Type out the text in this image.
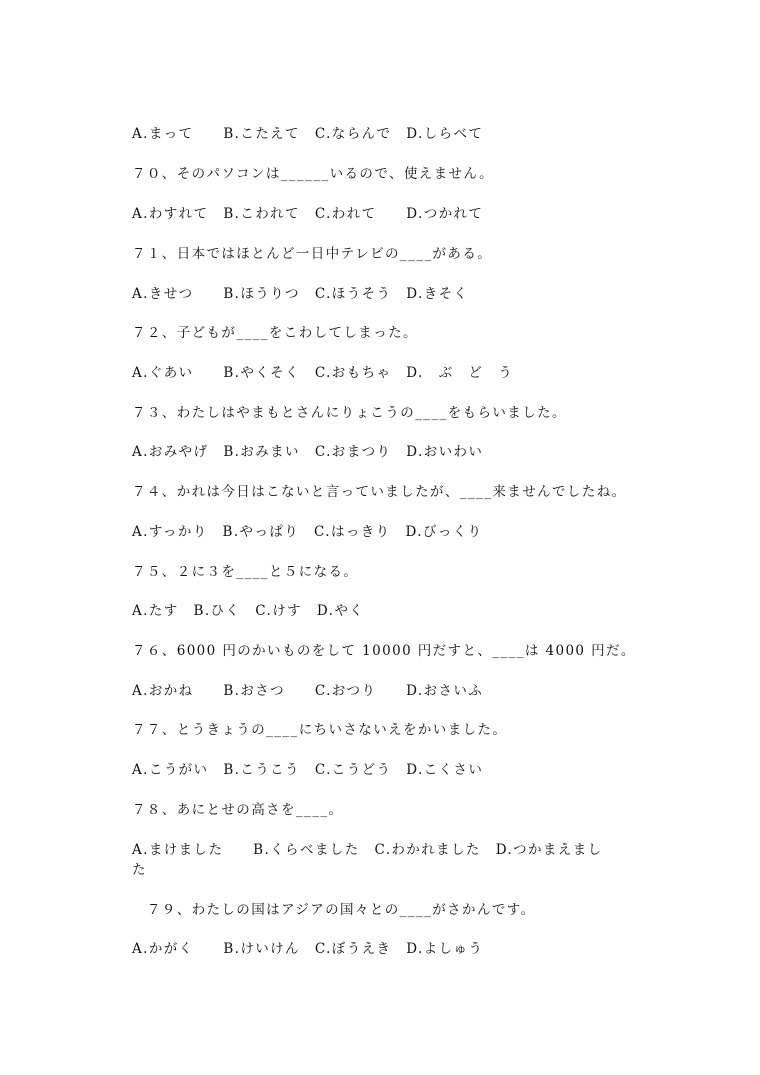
A.まって　　B.こたえて　C.ならんで　D.しらべて
７０、そのパソコンは______いるので、使えません。
A.わすれて　B.こわれて　C.われて　　D.つかれて
７１、日本ではほとんど一日中テレビの____がある。
A.きせつ　　B.ほうりつ　C.ほうそう　D.きそく
７２、子どもが____をこわしてしまった。
A.ぐあい　　B.やくそく　C.おもちゃ　D.　ぶ　ど　う
７３、わたしはやまもとさんにりょこうの____をもらいました。
A.おみやげ　B.おみまい　C.おまつり　D.おいわい
７４、かれは今日はこないと言っていましたが、____来ませんでしたね。
A.すっかり　B.やっぱり　C.はっきり　D.びっくり
７５、２に３を____と５になる。
A.たす　B.ひく　C.けす　D.やく
７６、6000 円のかいものをして 10000 円だすと、____は 4000 円だ。
A.おかね　　B.おさつ　　C.おつり　　D.おさいふ
７７、とうきょうの____にちいさないえをかいました。
A.こうがい　B.こうこう　C.こうどう　D.こくさい
７８、あにとせの高さを____。
A.まけました　　B.くらべました　C.わかれました　D.つかまえました
　７９、わたしの国はアジアの国々との____がさかんです。
A.かがく　　B.けいけん　C.ぼうえき　D.よしゅう
